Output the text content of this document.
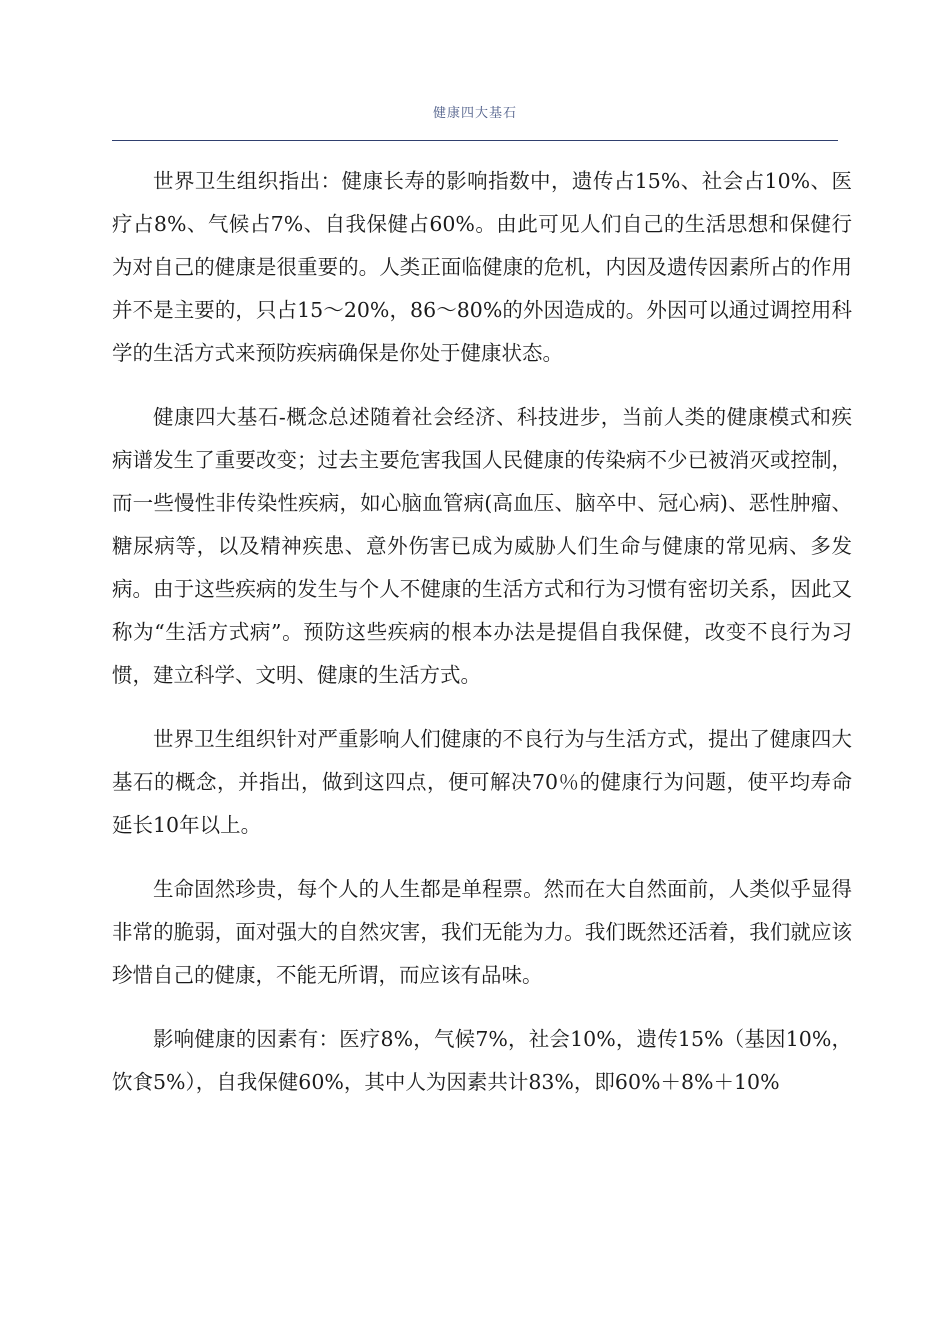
健康四大基石

世界卫生组织指出：健康长寿的影响指数中，遗传占15%、社会占10%、医疗占8%、气候占7%、自我保健占60%。由此可见人们自己的生活思想和保健行为对自己的健康是很重要的。人类正面临健康的危机，内因及遗传因素所占的作用并不是主要的，只占15～20%，86～80%的外因造成的。外因可以通过调控用科学的生活方式来预防疾病确保是你处于健康状态。

健康四大基石-概念总述随着社会经济、科技进步，当前人类的健康模式和疾病谱发生了重要改变；过去主要危害我国人民健康的传染病不少已被消灭或控制，而一些慢性非传染性疾病，如心脑血管病(高血压、脑卒中、冠心病)、恶性肿瘤、糖尿病等，以及精神疾患、意外伤害已成为威胁人们生命与健康的常见病、多发病。由于这些疾病的发生与个人不健康的生活方式和行为习惯有密切关系，因此又称为“生活方式病”。预防这些疾病的根本办法是提倡自我保健，改变不良行为习惯，建立科学、文明、健康的生活方式。

世界卫生组织针对严重影响人们健康的不良行为与生活方式，提出了健康四大基石的概念，并指出，做到这四点，便可解决70％的健康行为问题，使平均寿命延长10年以上。

生命固然珍贵，每个人的人生都是单程票。然而在大自然面前，人类似乎显得非常的脆弱，面对强大的自然灾害，我们无能为力。我们既然还活着，我们就应该珍惜自己的健康，不能无所谓，而应该有品味。

影响健康的因素有：医疗8%，气候7%，社会10%，遗传15%（基因10%，饮食5%），自我保健60%，其中人为因素共计83%，即60%＋8%＋10%
